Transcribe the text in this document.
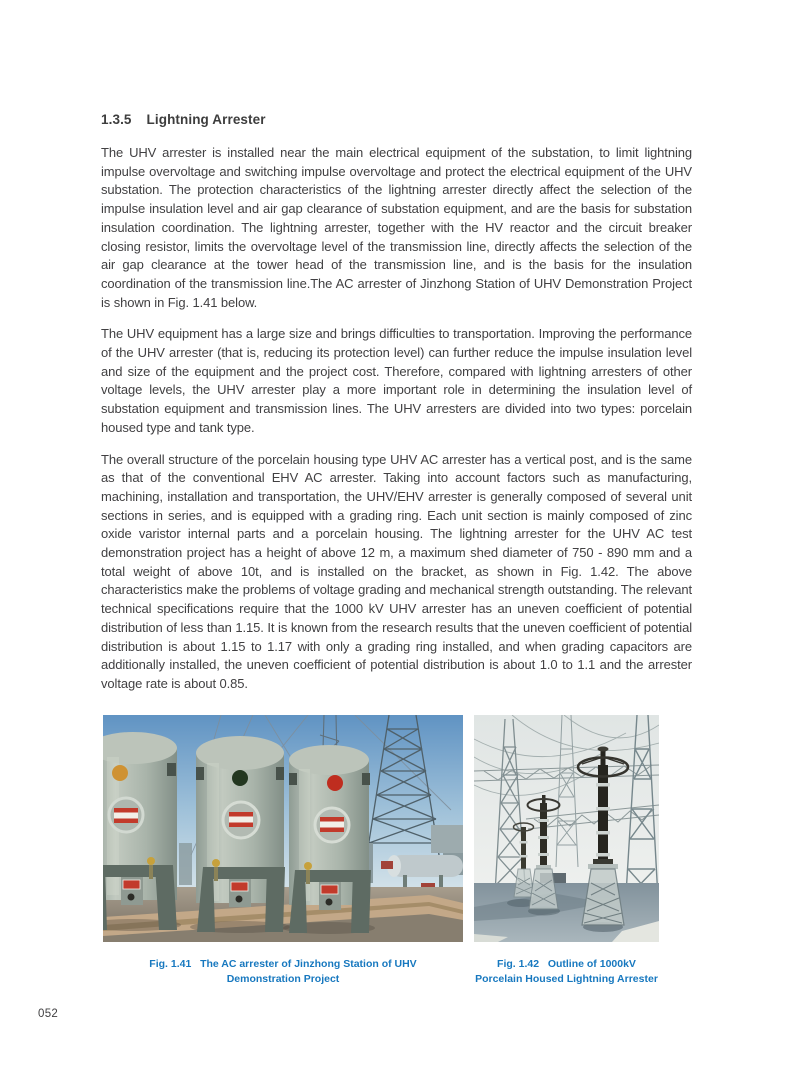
1.3.5 Lightning Arrester

The UHV arrester is installed near the main electrical equipment of the substation, to limit lightning impulse overvoltage and switching impulse overvoltage and protect the electrical equipment of the UHV substation. The protection characteristics of the lightning arrester directly affect the selection of the impulse insulation level and air gap clearance of substation equipment, and are the basis for substation insulation coordination. The lightning arrester, together with the HV reactor and the circuit breaker closing resistor, limits the overvoltage level of the transmission line, directly affects the selection of the air gap clearance at the tower head of the transmission line, and is the basis for the insulation coordination of the transmission line.The AC arrester of Jinzhong Station of UHV Demonstration Project is shown in Fig. 1.41 below.

The UHV equipment has a large size and brings difficulties to transportation. Improving the performance of the UHV arrester (that is, reducing its protection level) can further reduce the impulse insulation level and size of the equipment and the project cost. Therefore, compared with lightning arresters of other voltage levels, the UHV arrester play a more important role in determining the insulation level of substation equipment and transmission lines. The UHV arresters are divided into two types: porcelain housed type and tank type.

The overall structure of the porcelain housing type UHV AC arrester has a vertical post, and is the same as that of the conventional EHV AC arrester. Taking into account factors such as manufacturing, machining, installation and transportation, the UHV/EHV arrester is generally composed of several unit sections in series, and is equipped with a grading ring. Each unit section is mainly composed of zinc oxide varistor internal parts and a porcelain housing. The lightning arrester for the UHV AC test demonstration project has a height of above 12 m, a maximum shed diameter of 750 - 890 mm and a total weight of above 10t, and is installed on the bracket, as shown in Fig. 1.42. The above characteristics make the problems of voltage grading and mechanical strength outstanding. The relevant technical specifications require that the 1000 kV UHV arrester has an uneven coefficient of potential distribution of less than 1.15. It is known from the research results that the uneven coefficient of potential distribution is about 1.15 to 1.17 with only a grading ring installed, and when grading capacitors are additionally installed, the uneven coefficient of potential distribution is about 1.0 to 1.1 and the arrester voltage rate is about 0.85.

Fig. 1.41   The AC arrester of Jinzhong Station of UHV
Demonstration Project
Fig. 1.42   Outline of 1000kV
Porcelain Housed Lightning Arrester
052
